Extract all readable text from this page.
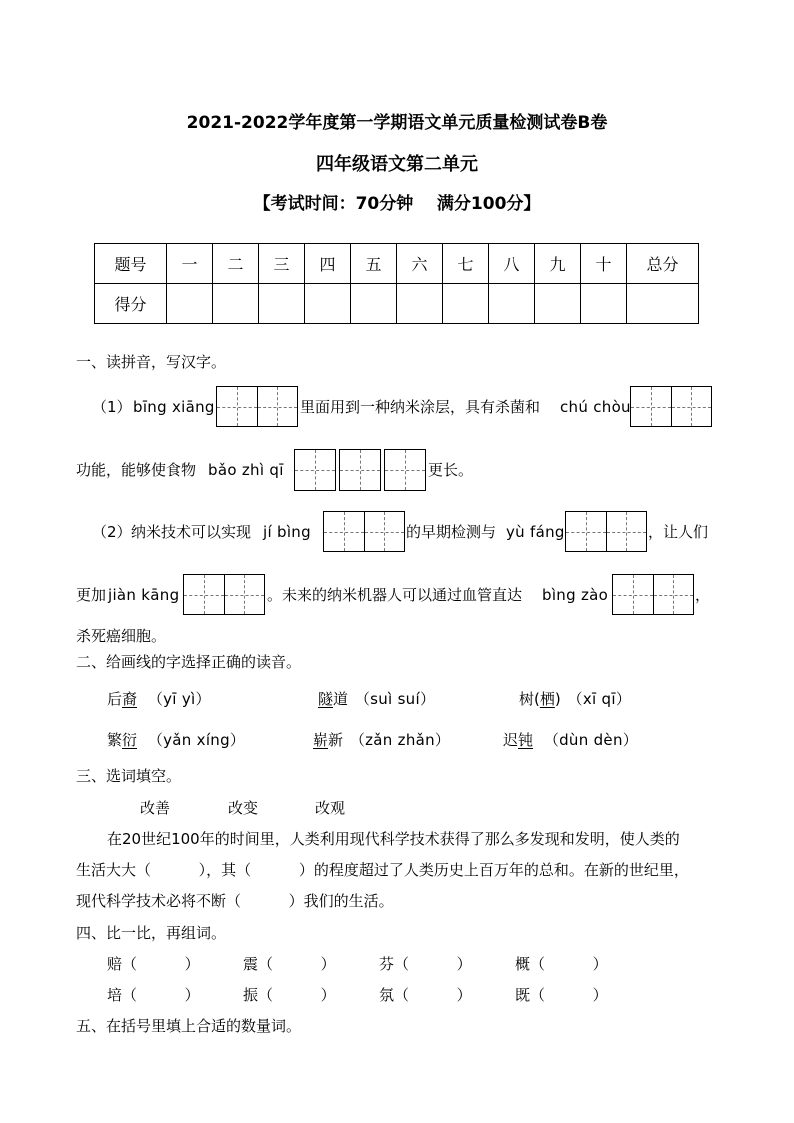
2021-2022学年度第一学期语文单元质量检测试卷B卷
四年级语文第二单元
【考试时间：70分钟    满分100分】
题号	一	二	三	四	五	六	七	八	九	十	总分
得分											
一、读拼音，写汉字。
（1） bīng xiāng	里面用到一种纳米涂层，具有杀菌和 chú chòu
功能，能够使食物 bǎo zhì qī	更长。
（2） 纳米技术可以实现 jí bìng	的早期检测与 yù fáng	，让人们
更加 jiàn kāng	。未来的纳米机器人可以通过血管直达 bìng zào	，
杀死癌细胞。
二、给画线的字选择正确的读音。
后裔 （yī yì）	隧道 （suì suí）	树(栖) （xī qī）
繁衍 （yǎn xíng）	崭新 （zǎn zhǎn）	迟钝 （dùn dèn）
三、选词填空。
改善	改变	改观
在20世纪100年的时间里，人类利用现代科学技术获得了那么多发现和发明，使人类的
生活大大（          ），其（          ）的程度超过了人类历史上百万年的总和。在新的世纪里，
现代科学技术必将不断（          ）我们的生活。
四、比一比，再组词。
赔（          ）	震（          ）	芬（          ）	概（          ）
培（          ）	振（          ）	氛（          ）	既（          ）
五、在括号里填上合适的数量词。
